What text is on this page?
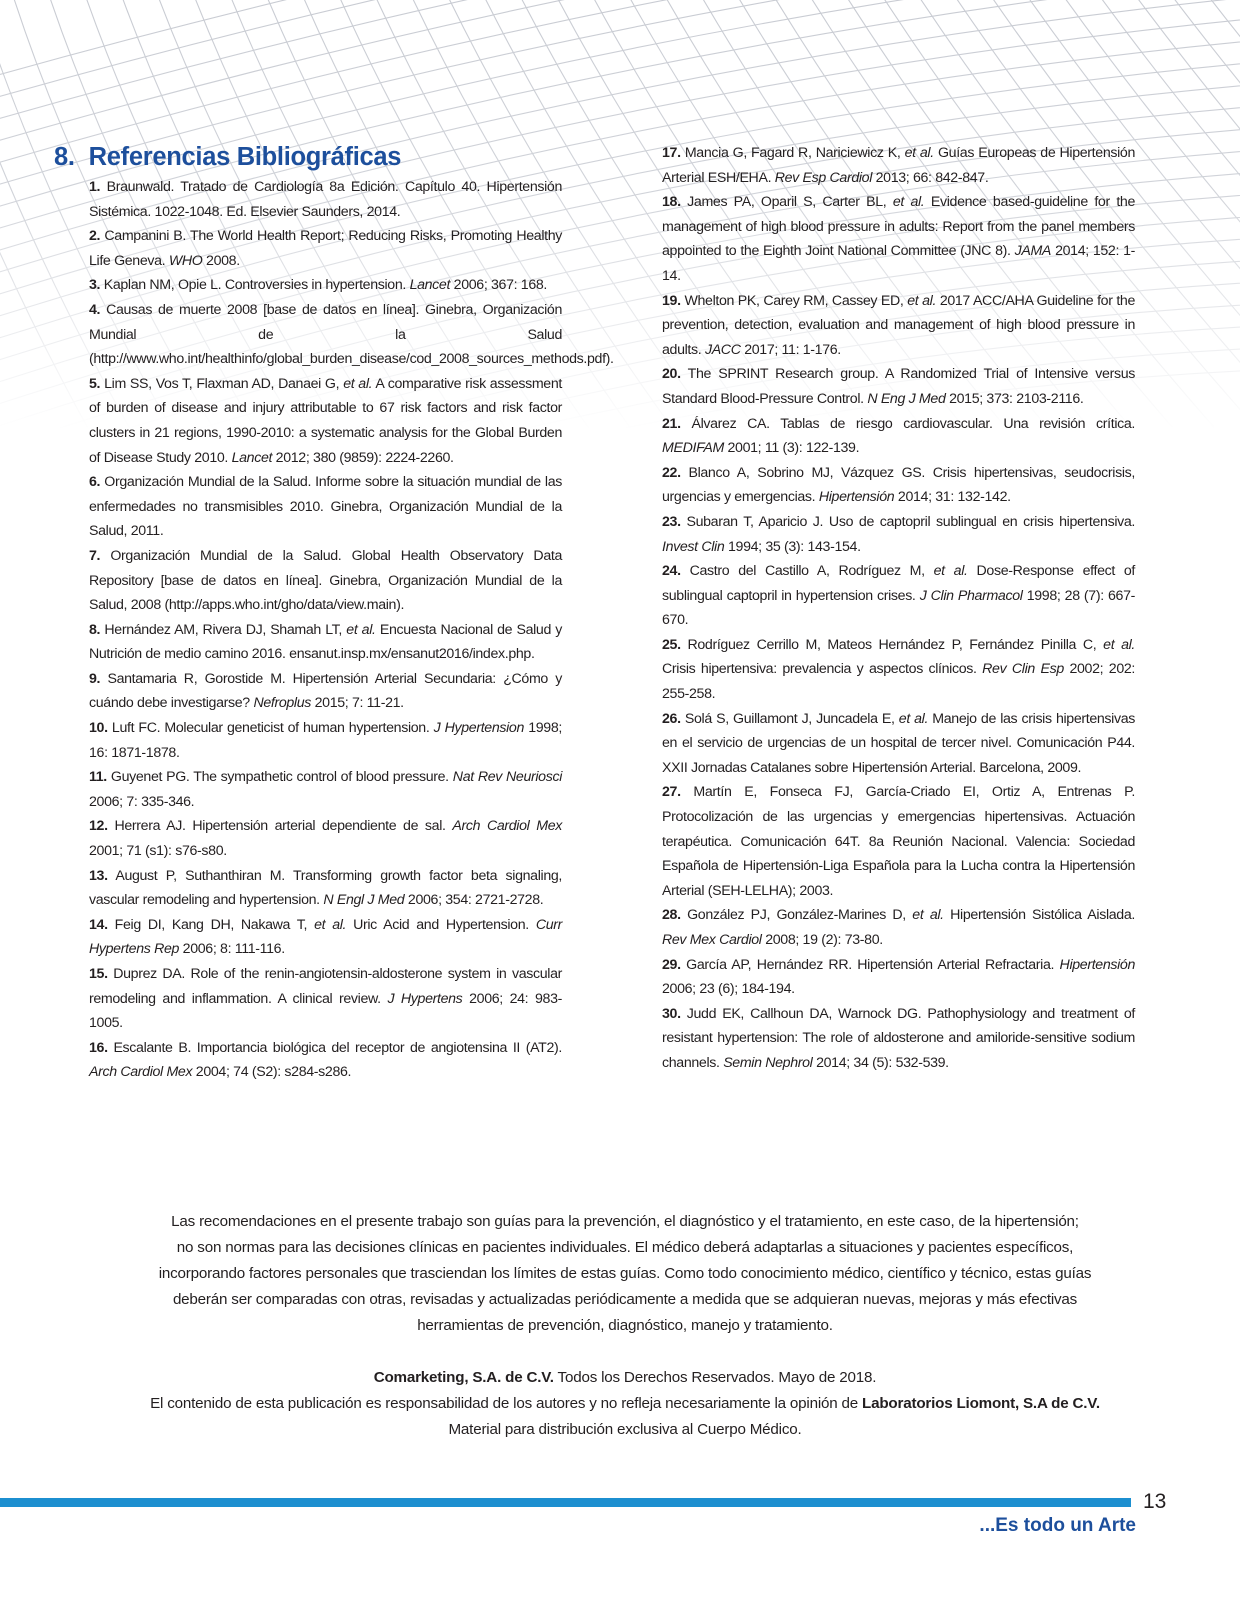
8. Referencias Bibliográficas

1. Braunwald. Tratado de Cardiología 8a Edición. Capítulo 40. Hipertensión Sistémica. 1022-1048. Ed. Elsevier Saunders, 2014.

2. Campanini B. The World Health Report; Reducing Risks, Promoting Healthy Life Geneva. WHO 2008.

3. Kaplan NM, Opie L. Controversies in hypertension. Lancet 2006; 367: 168.

4. Causas de muerte 2008 [base de datos en línea]. Ginebra, Organización Mundial de la Salud (http://www.who.int/healthinfo/global_burden_disease/cod_2008_sources_methods.pdf).

5. Lim SS, Vos T, Flaxman AD, Danaei G, et al. A comparative risk assessment of burden of disease and injury attributable to 67 risk factors and risk factor clusters in 21 regions, 1990-2010: a systematic analysis for the Global Burden of Disease Study 2010. Lancet 2012; 380 (9859): 2224-2260.

6. Organización Mundial de la Salud. Informe sobre la situación mundial de las enfermedades no transmisibles 2010. Ginebra, Organización Mundial de la Salud, 2011.

7. Organización Mundial de la Salud. Global Health Observatory Data Repository [base de datos en línea]. Ginebra, Organización Mundial de la Salud, 2008 (http://apps.who.int/gho/data/view.main).

8. Hernández AM, Rivera DJ, Shamah LT, et al. Encuesta Nacional de Salud y Nutrición de medio camino 2016. ensanut.insp.mx/ensanut2016/index.php.

9. Santamaria R, Gorostide M. Hipertensión Arterial Secundaria: ¿Cómo y cuándo debe investigarse? Nefroplus 2015; 7: 11-21.

10. Luft FC. Molecular geneticist of human hypertension. J Hypertension 1998; 16: 1871-1878.

11. Guyenet PG. The sympathetic control of blood pressure. Nat Rev Neuriosci 2006; 7: 335-346.

12. Herrera AJ. Hipertensión arterial dependiente de sal. Arch Cardiol Mex 2001; 71 (s1): s76-s80.

13. August P, Suthanthiran M. Transforming growth factor beta signaling, vascular remodeling and hypertension. N Engl J Med 2006; 354: 2721-2728.

14. Feig DI, Kang DH, Nakawa T, et al. Uric Acid and Hypertension. Curr Hypertens Rep 2006; 8: 111-116.

15. Duprez DA. Role of the renin-angiotensin-aldosterone system in vascular remodeling and inflammation. A clinical review. J Hypertens 2006; 24: 983-1005.

16. Escalante B. Importancia biológica del receptor de angiotensina II (AT2). Arch Cardiol Mex 2004; 74 (S2): s284-s286.

17. Mancia G, Fagard R, Nariciewicz K, et al. Guías Europeas de Hipertensión Arterial ESH/EHA. Rev Esp Cardiol 2013; 66: 842-847.

18. James PA, Oparil S, Carter BL, et al. Evidence based-guideline for the management of high blood pressure in adults: Report from the panel members appointed to the Eighth Joint National Committee (JNC 8). JAMA 2014; 152: 1-14.

19. Whelton PK, Carey RM, Cassey ED, et al. 2017 ACC/AHA Guideline for the prevention, detection, evaluation and management of high blood pressure in adults. JACC 2017; 11: 1-176.

20. The SPRINT Research group. A Randomized Trial of Intensive versus Standard Blood-Pressure Control. N Eng J Med 2015; 373: 2103-2116.

21. Álvarez CA. Tablas de riesgo cardiovascular. Una revisión crítica. MEDIFAM 2001; 11 (3): 122-139.

22. Blanco A, Sobrino MJ, Vázquez GS. Crisis hipertensivas, seudocrisis, urgencias y emergencias. Hipertensión 2014; 31: 132-142.

23. Subaran T, Aparicio J. Uso de captopril sublingual en crisis hipertensiva. Invest Clin 1994; 35 (3): 143-154.

24. Castro del Castillo A, Rodríguez M, et al. Dose-Response effect of sublingual captopril in hypertension crises. J Clin Pharmacol 1998; 28 (7): 667-670.

25. Rodríguez Cerrillo M, Mateos Hernández P, Fernández Pinilla C, et al. Crisis hipertensiva: prevalencia y aspectos clínicos. Rev Clin Esp 2002; 202: 255-258.

26. Solá S, Guillamont J, Juncadela E, et al. Manejo de las crisis hipertensivas en el servicio de urgencias de un hospital de tercer nivel. Comunicación P44. XXII Jornadas Catalanes sobre Hipertensión Arterial. Barcelona, 2009.

27. Martín E, Fonseca FJ, García-Criado EI, Ortiz A, Entrenas P. Protocolización de las urgencias y emergencias hipertensivas. Actuación terapéutica. Comunicación 64T. 8a Reunión Nacional. Valencia: Sociedad Española de Hipertensión-Liga Española para la Lucha contra la Hipertensión Arterial (SEH-LELHA); 2003.

28. González PJ, González-Marines D, et al. Hipertensión Sistólica Aislada. Rev Mex Cardiol 2008; 19 (2): 73-80.

29. García AP, Hernández RR. Hipertensión Arterial Refractaria. Hipertensión 2006; 23 (6); 184-194.

30. Judd EK, Callhoun DA, Warnock DG. Pathophysiology and treatment of resistant hypertension: The role of aldosterone and amiloride-sensitive sodium channels. Semin Nephrol 2014; 34 (5): 532-539.

Las recomendaciones en el presente trabajo son guías para la prevención, el diagnóstico y el tratamiento, en este caso, de la hipertensión;
no son normas para las decisiones clínicas en pacientes individuales. El médico deberá adaptarlas a situaciones y pacientes específicos,
incorporando factores personales que trasciendan los límites de estas guías. Como todo conocimiento médico, científico y técnico, estas guías
deberán ser comparadas con otras, revisadas y actualizadas periódicamente a medida que se adquieran nuevas, mejoras y más efectivas
herramientas de prevención, diagnóstico, manejo y tratamiento.
Comarketing, S.A. de C.V. Todos los Derechos Reservados. Mayo de 2018.
El contenido de esta publicación es responsabilidad de los autores y no refleja necesariamente la opinión de Laboratorios Liomont, S.A de C.V.
Material para distribución exclusiva al Cuerpo Médico.
13
...Es todo un Arte
